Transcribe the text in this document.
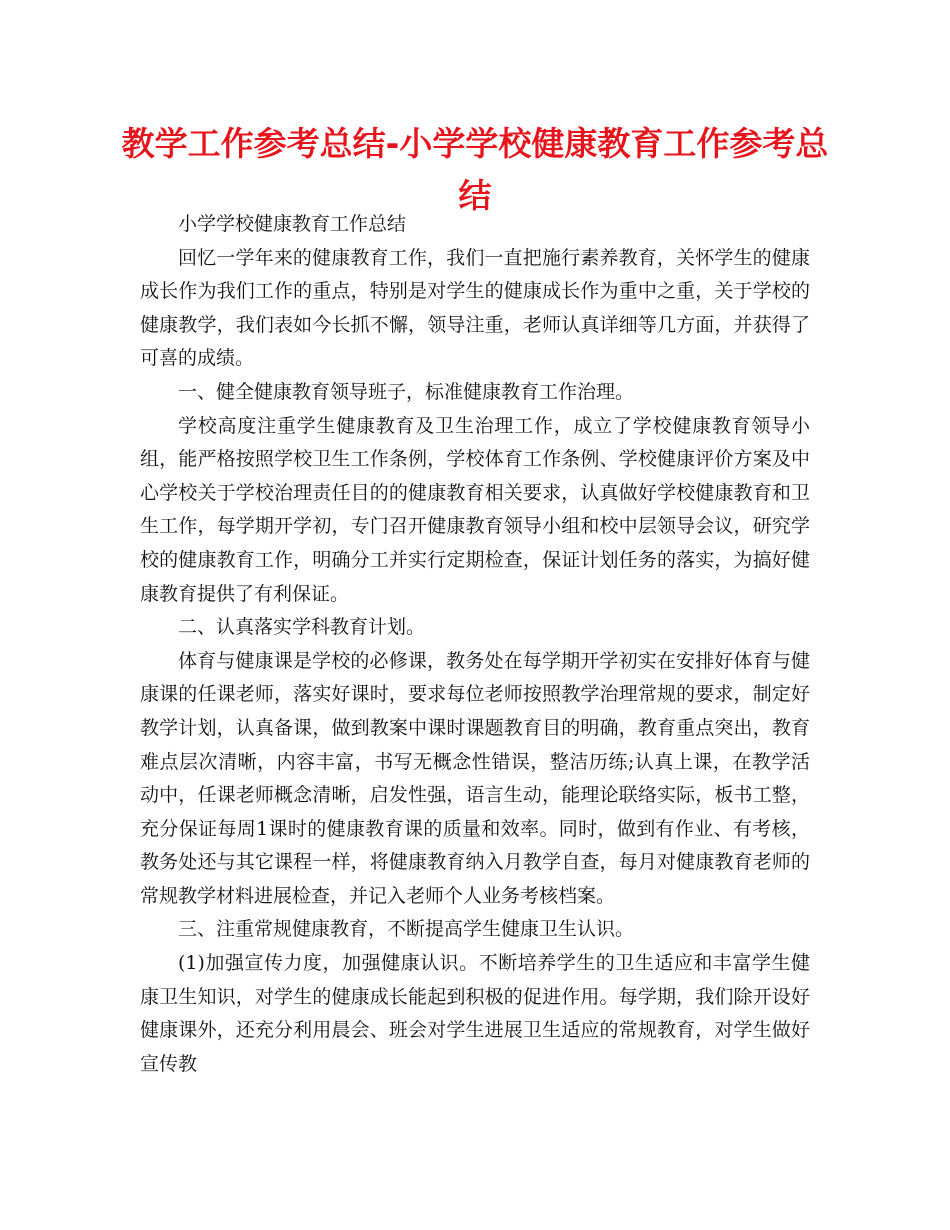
教学工作参考总结-小学学校健康教育工作参考总结

小学学校健康教育工作总结

回忆一学年来的健康教育工作，我们一直把施行素养教育，关怀学生的健康成长作为我们工作的重点，特别是对学生的健康成长作为重中之重，关于学校的健康教学，我们表如今长抓不懈，领导注重，老师认真详细等几方面，并获得了可喜的成绩。

一、健全健康教育领导班子，标准健康教育工作治理。

学校高度注重学生健康教育及卫生治理工作，成立了学校健康教育领导小组，能严格按照学校卫生工作条例，学校体育工作条例、学校健康评价方案及中心学校关于学校治理责任目的的健康教育相关要求，认真做好学校健康教育和卫生工作，每学期开学初，专门召开健康教育领导小组和校中层领导会议，研究学校的健康教育工作，明确分工并实行定期检查，保证计划任务的落实，为搞好健康教育提供了有利保证。

二、认真落实学科教育计划。

体育与健康课是学校的必修课，教务处在每学期开学初实在安排好体育与健康课的任课老师，落实好课时，要求每位老师按照教学治理常规的要求，制定好教学计划，认真备课，做到教案中课时课题教育目的明确，教育重点突出，教育难点层次清晰，内容丰富，书写无概念性错误，整洁历练;认真上课，在教学活动中，任课老师概念清晰，启发性强，语言生动，能理论联络实际，板书工整，充分保证每周1课时的健康教育课的质量和效率。同时，做到有作业、有考核，教务处还与其它课程一样，将健康教育纳入月教学自查，每月对健康教育老师的常规教学材料进展检查，并记入老师个人业务考核档案。

三、注重常规健康教育，不断提高学生健康卫生认识。

(1)加强宣传力度，加强健康认识。不断培养学生的卫生适应和丰富学生健康卫生知识，对学生的健康成长能起到积极的促进作用。每学期，我们除开设好健康课外，还充分利用晨会、班会对学生进展卫生适应的常规教育，对学生做好宣传教
